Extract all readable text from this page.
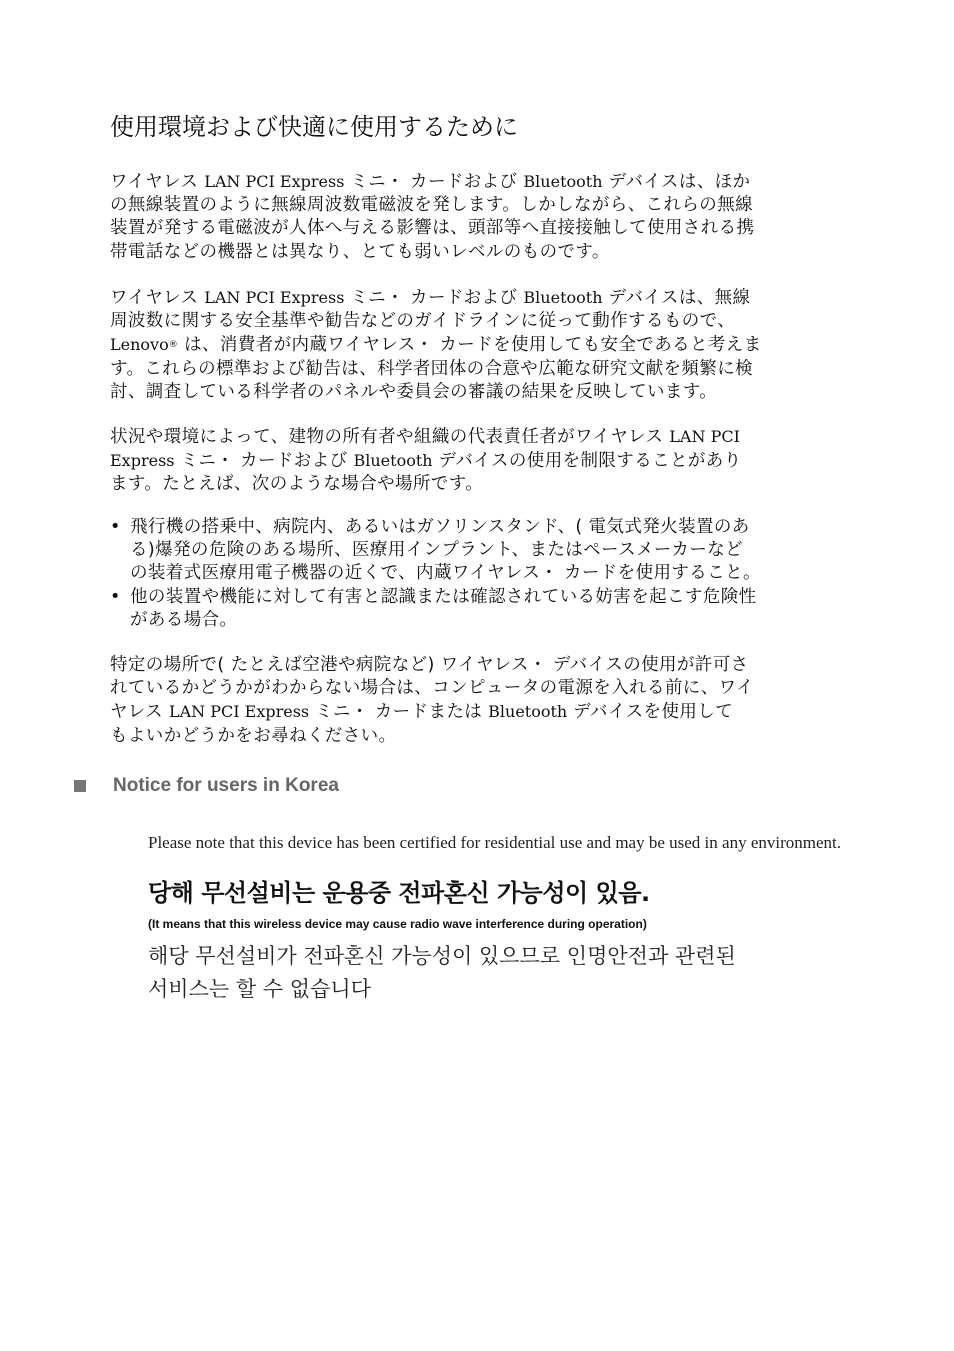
使用環境および快適に使用するために
ワイヤレス LAN PCI Express ミニ・ カードおよび Bluetooth デバイスは、ほか
の無線装置のように無線周波数電磁波を発します。しかしながら、これらの無線
装置が発する電磁波が人体へ与える影響は、頭部等へ直接接触して使用される携
帯電話などの機器とは異なり、とても弱いレベルのものです。
ワイヤレス LAN PCI Express ミニ・ カードおよび Bluetooth デバイスは、無線
周波数に関する安全基準や勧告などのガイドラインに従って動作するもので、
Lenovo® は、消費者が内蔵ワイヤレス・ カードを使用しても安全であると考えま
す。これらの標準および勧告は、科学者団体の合意や広範な研究文献を頻繁に検
討、調査している科学者のパネルや委員会の審議の結果を反映しています。
状況や環境によって、建物の所有者や組織の代表責任者がワイヤレス LAN PCI
Express ミニ・ カードおよび Bluetooth デバイスの使用を制限することがあり
ます。たとえば、次のような場合や場所です。
• 飛行機の搭乗中、病院内、あるいはガソリンスタンド、( 電気式発火装置のあ
る)爆発の危険のある場所、医療用インプラント、またはペースメーカーなど
の装着式医療用電子機器の近くで、内蔵ワイヤレス・ カードを使用すること。
• 他の装置や機能に対して有害と認識または確認されている妨害を起こす危険性
がある場合。
特定の場所で( たとえば空港や病院など) ワイヤレス・ デバイスの使用が許可さ
れているかどうかがわからない場合は、コンピュータの電源を入れる前に、ワイ
ヤレス LAN PCI Express ミニ・ カードまたは Bluetooth デバイスを使用して
もよいかどうかをお尋ねください。
Notice for users in Korea

Please note that this device has been certified for residential use and may be used in any environment.

당해 무선설비는 운용중 전파혼신 가능성이 있음.

(It means that this wireless device may cause radio wave interference during operation)

해당 무선설비가 전파혼신 가능성이 있으므로 인명안전과 관련된
서비스는 할 수 없습니다
